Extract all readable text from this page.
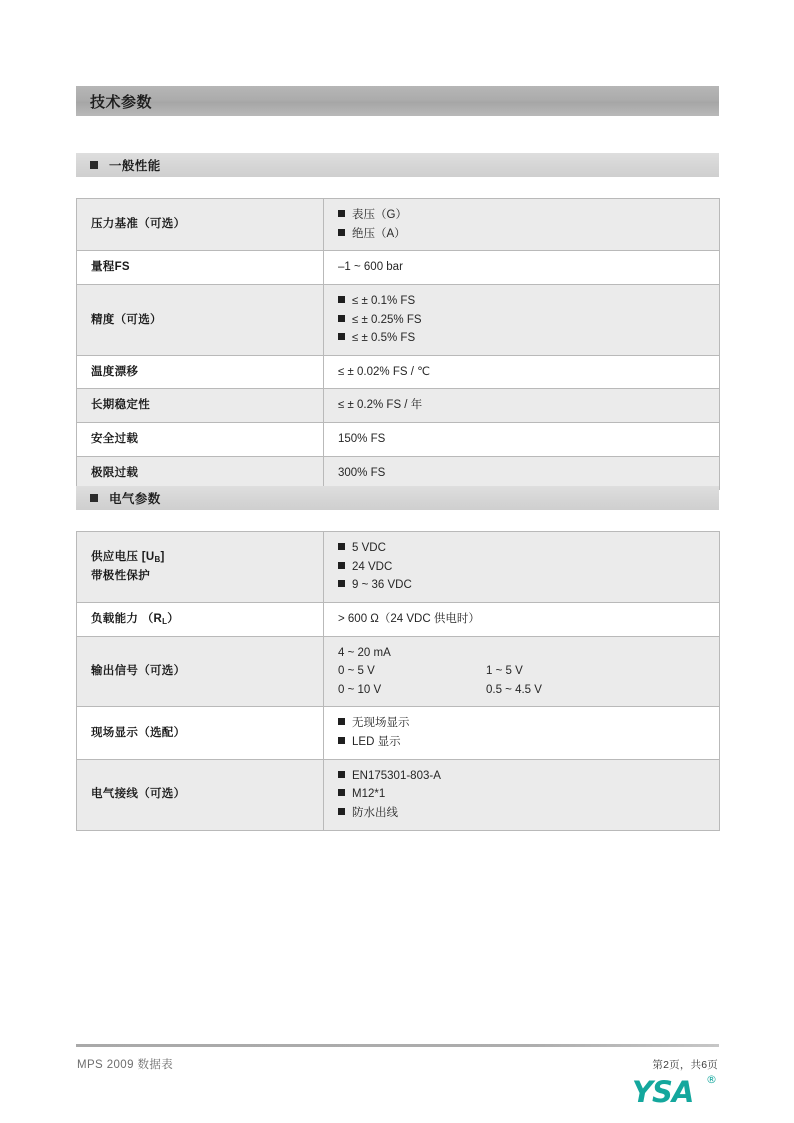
技术参数
一般性能
压力基准（可选）	表压（G）
绝压（A）

量程FS	–1 ~ 600 bar

精度（可选）	≤ ± 0.1% FS
≤ ± 0.25% FS
≤ ± 0.5% FS

温度漂移	≤ ± 0.02% FS / ℃

长期稳定性	≤ ± 0.2% FS / 年

安全过载	150% FS

极限过载	300% FS
电气参数
供应电压 $[U_B]$
带极性保护	5 VDC
24 VDC
9 ~ 36 VDC

负载能力 $(R_L)$	> 600 Ω（24 VDC 供电时）

输出信号（可选）	4 ~ 20 mA
0 ~ 5 V 1 ~ 5 V
0 ~ 10 V 0.5 ~ 4.5 V

现场显示（选配）	无现场显示
LED 显示

电气接线（可选）	EN175301-803-A
M12*1
防水出线
MPS 2009 数据表	第2页，共6页
YSA ®
